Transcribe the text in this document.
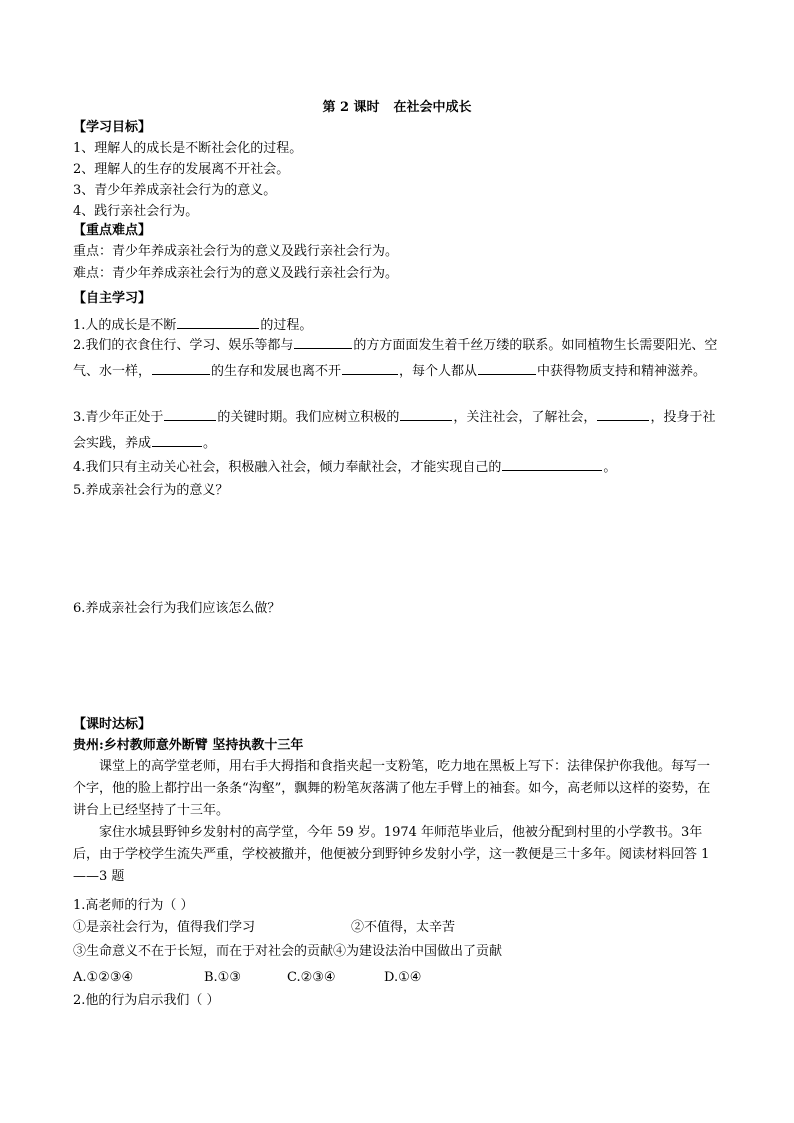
第 2 课时 在社会中成长
【学习目标】
1、理解人的成长是不断社会化的过程。
2、理解人的生存的发展离不开社会。
3、青少年养成亲社会行为的意义。
4、践行亲社会行为。
【重点难点】
重点：青少年养成亲社会行为的意义及践行亲社会行为。
难点：青少年养成亲社会行为的意义及践行亲社会行为。
【自主学习】
1.人的成长是不断	的过程。
2.我们的衣食住行、学习、娱乐等都与	的方方面面发生着千丝万缕的联系。如同植物生长需要阳光、空气、水一样，	的生存和发展也离不开	，每个人都从	中获得物质支持和精神滋养。
3.青少年正处于	的关键时期。我们应树立积极的	，关注社会，了解社会，	，投身于社会实践，养成	。
4.我们只有主动关心社会，积极融入社会，倾力奉献社会，才能实现自己的	。
5.养成亲社会行为的意义？
6.养成亲社会行为我们应该怎么做？
【课时达标】
贵州:乡村教师意外断臂 坚持执教十三年
课堂上的高学堂老师，用右手大拇指和食指夹起一支粉笔，吃力地在黑板上写下：法律保护你我他。每写一个字，他的脸上都拧出一条条“沟壑”，飘舞的粉笔灰落满了他左手臂上的袖套。如今，高老师以这样的姿势，在讲台上已经坚持了十三年。
家住水城县野钟乡发射村的高学堂，今年 59 岁。1974 年师范毕业后，他被分配到村里的小学教书。3年后，由于学校学生流失严重，学校被撤并，他便被分到野钟乡发射小学，这一教便是三十多年。阅读材料回答 1——3 题
1.高老师的行为（ ）
①是亲社会行为，值得我们学习	②不值得，太辛苦
③生命意义不在于长短，而在于对社会的贡献④为建设法治中国做出了贡献
A.①②③④	B.①③	C.②③④	D.①④
2.他的行为启示我们（ ）
